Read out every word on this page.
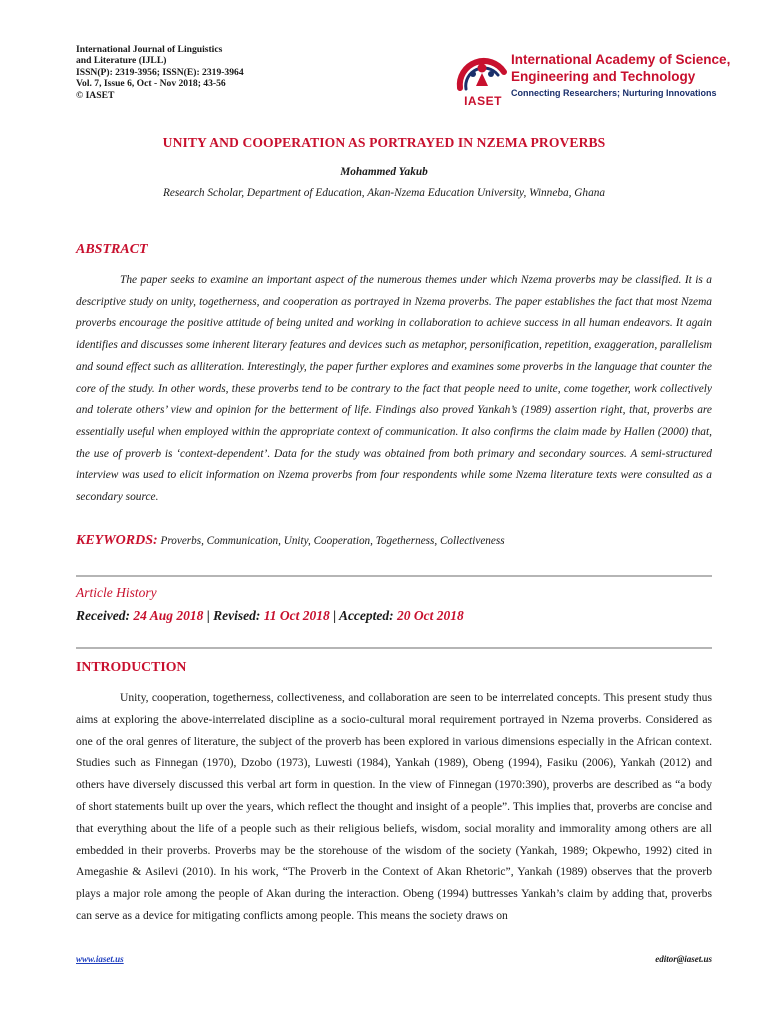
International Journal of Linguistics
and Literature (IJLL)
ISSN(P): 2319-3956; ISSN(E): 2319-3964
Vol. 7, Issue 6, Oct - Nov 2018; 43-56
© IASET	IASET
International Academy of Science,
Engineering and Technology
Connecting Researchers; Nurturing Innovations
UNITY AND COOPERATION AS PORTRAYED IN NZEMA PROVERBS
Mohammed Yakub
Research Scholar, Department of Education, Akan-Nzema Education University, Winneba, Ghana
ABSTRACT

The paper seeks to examine an important aspect of the numerous themes under which Nzema proverbs may be classified. It is a descriptive study on unity, togetherness, and cooperation as portrayed in Nzema proverbs. The paper establishes the fact that most Nzema proverbs encourage the positive attitude of being united and working in collaboration to achieve success in all human endeavors. It again identifies and discusses some inherent literary features and devices such as metaphor, personification, repetition, exaggeration, parallelism and sound effect such as alliteration. Interestingly, the paper further explores and examines some proverbs in the language that counter the core of the study. In other words, these proverbs tend to be contrary to the fact that people need to unite, come together, work collectively and tolerate others’ view and opinion for the betterment of life. Findings also proved Yankah’s (1989) assertion right, that, proverbs are essentially useful when employed within the appropriate context of communication. It also confirms the claim made by Hallen (2000) that, the use of proverb is ‘context-dependent’. Data for the study was obtained from both primary and secondary sources. A semi-structured interview was used to elicit information on Nzema proverbs from four respondents while some Nzema literature texts were consulted as a secondary source.

KEYWORDS: Proverbs, Communication, Unity, Cooperation, Togetherness, Collectiveness
Article History
Received: 24 Aug 2018 | Revised: 11 Oct 2018 | Accepted: 20 Oct 2018
INTRODUCTION

Unity, cooperation, togetherness, collectiveness, and collaboration are seen to be interrelated concepts. This present study thus aims at exploring the above-interrelated discipline as a socio-cultural moral requirement portrayed in Nzema proverbs. Considered as one of the oral genres of literature, the subject of the proverb has been explored in various dimensions especially in the African context. Studies such as Finnegan (1970), Dzobo (1973), Luwesti (1984), Yankah (1989), Obeng (1994), Fasiku (2006), Yankah (2012) and others have diversely discussed this verbal art form in question. In the view of Finnegan (1970:390), proverbs are described as “a body of short statements built up over the years, which reflect the thought and insight of a people”. This implies that, proverbs are concise and that everything about the life of a people such as their religious beliefs, wisdom, social morality and immorality among others are all embedded in their proverbs. Proverbs may be the storehouse of the wisdom of the society (Yankah, 1989; Okpewho, 1992) cited in Amegashie & Asilevi (2010). In his work, “The Proverb in the Context of Akan Rhetoric”, Yankah (1989) observes that the proverb plays a major role among the people of Akan during the interaction. Obeng (1994) buttresses Yankah’s claim by adding that, proverbs can serve as a device for mitigating conflicts among people. This means the society draws on

www.iaset.us	editor@iaset.us
